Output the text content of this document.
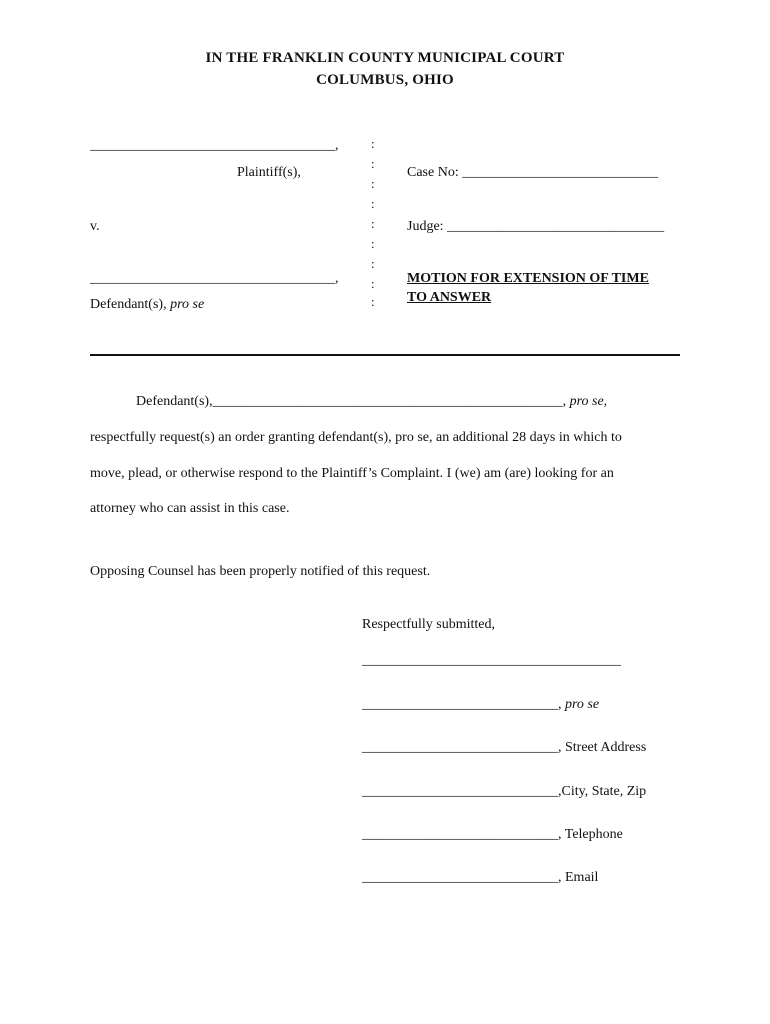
IN THE FRANKLIN COUNTY MUNICIPAL COURT
COLUMBUS, OHIO
___________________________________,
Plaintiff(s),
v.
___________________________________,
Defendant(s), pro se
:
:
:
:
:
:
:
:
:
Case No: ____________________________
Judge: _______________________________
MOTION FOR EXTENSION OF TIME
TO ANSWER
Defendant(s),__________________________________________________, pro se,
respectfully request(s) an order granting defendant(s), pro se, an additional 28 days in which to
move, plead, or otherwise respond to the Plaintiff’s Complaint. I (we) am (are) looking for an
attorney who can assist in this case.
Opposing Counsel has been properly notified of this request.
Respectfully submitted,
_____________________________________
____________________________, pro se
____________________________, Street Address
____________________________,City, State, Zip
____________________________, Telephone
____________________________, Email
